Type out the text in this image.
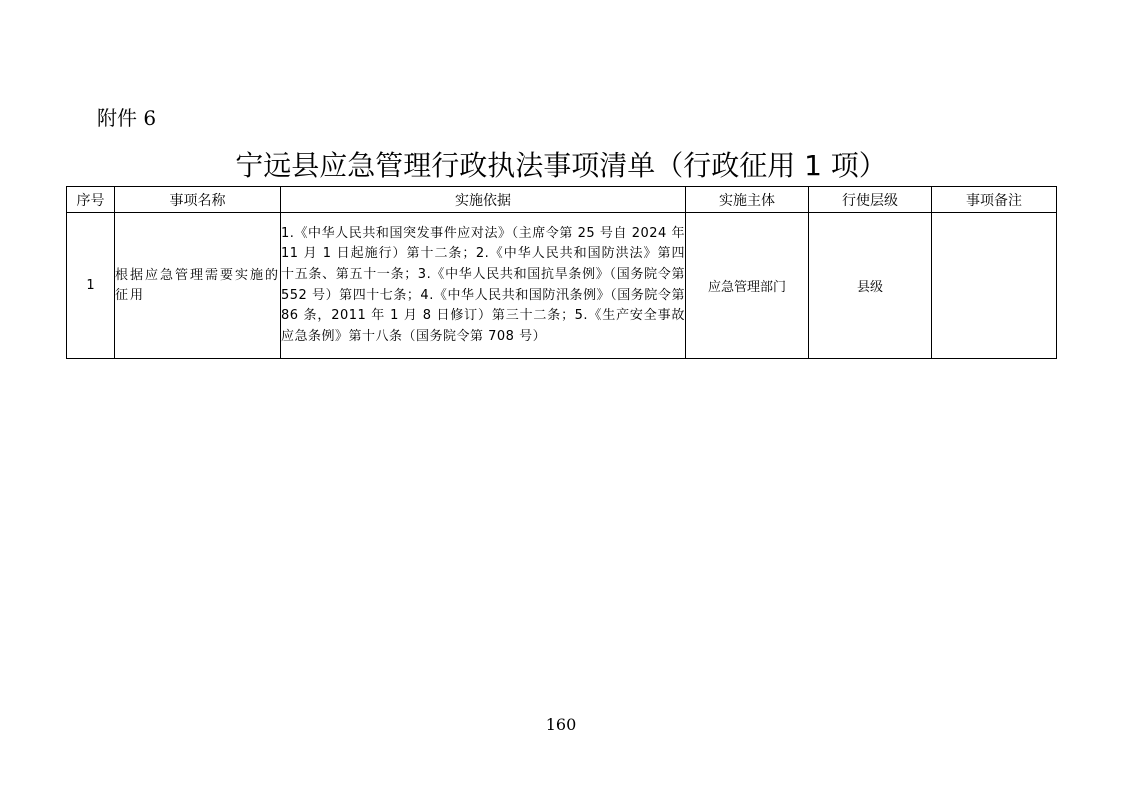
附件 6
宁远县应急管理行政执法事项清单（行政征用 1 项）
序号	事项名称	实施依据	实施主体	行使层级	事项备注
1	根据应急管理需要实施的征用	1.《中华人民共和国突发事件应对法》（主席令第 25 号自 2024 年 11 月 1 日起施行）第十二条；2.《中华人民共和国防洪法》第四十五条、第五十一条；3.《中华人民共和国抗旱条例》（国务院令第 552 号）第四十七条；4.《中华人民共和国防汛条例》（国务院令第 86 条，2011 年 1 月 8 日修订）第三十二条；5.《生产安全事故应急条例》第十八条（国务院令第 708 号）	应急管理部门	县级	
160
